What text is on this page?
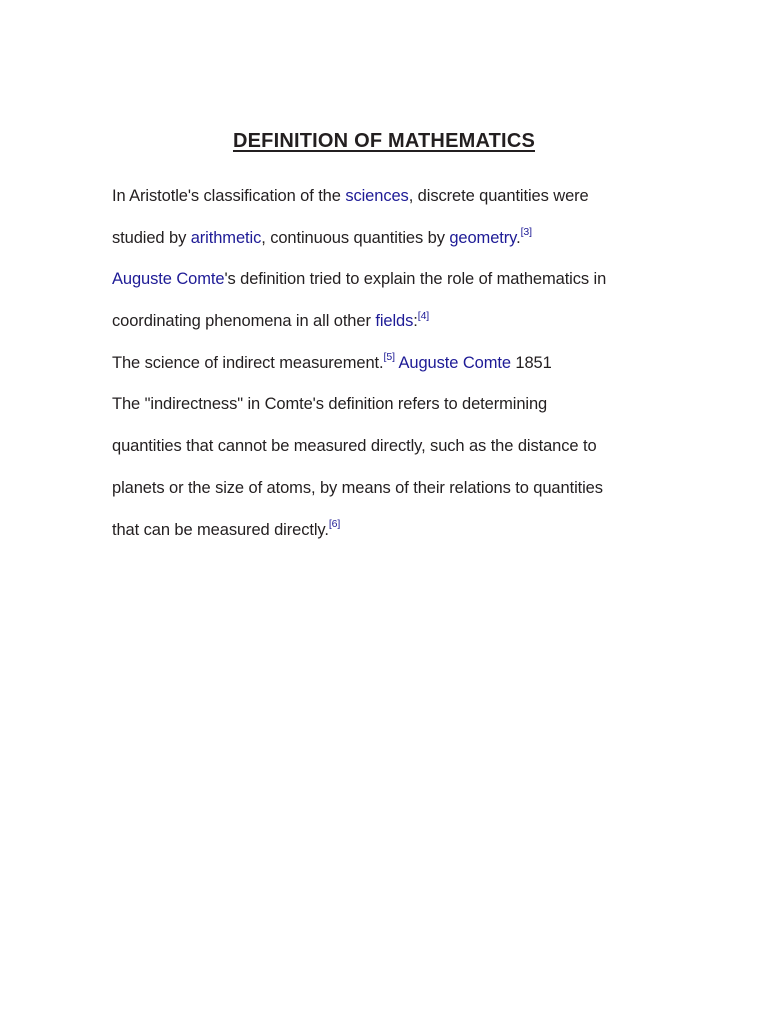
DEFINITION OF MATHEMATICS
In Aristotle's classification of the sciences, discrete quantities were
studied by arithmetic, continuous quantities by geometry.[3]
Auguste Comte's definition tried to explain the role of mathematics in
coordinating phenomena in all other fields:[4]
The science of indirect measurement.[5] Auguste Comte 1851
The "indirectness" in Comte's definition refers to determining
quantities that cannot be measured directly, such as the distance to
planets or the size of atoms, by means of their relations to quantities
that can be measured directly.[6]
